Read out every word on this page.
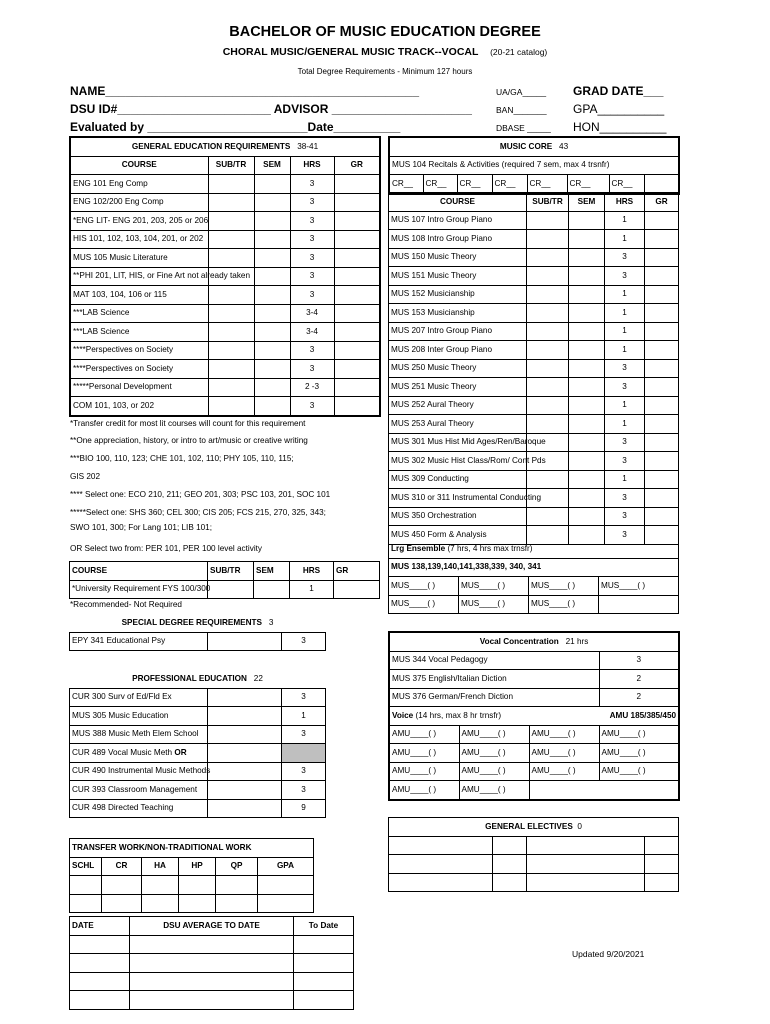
BACHELOR OF MUSIC EDUCATION DEGREE
CHORAL MUSIC/GENERAL MUSIC TRACK--VOCAL (20-21 catalog)
Total Degree Requirements - Minimum 127 hours
NAME_______________________________________________
DSU ID#_______________________ ADVISOR _____________________
Evaluated by ________________________Date__________
UA/GA_____
BAN_______
DBASE _____
GRAD DATE___
GPA__________
HON__________
GENERAL EDUCATION REQUIREMENTS 38-41				
COURSE	SUB/TR	SEM	HRS	GR
ENG 101 Eng Comp			3	
ENG 102/200 Eng Comp			3	
*ENG LIT- ENG 201, 203, 205 or 206			3	
HIS 101, 102, 103, 104, 201, or 202			3	
MUS 105 Music Literature			3	
**PHI 201, LIT, HIS, or Fine Art not already taken			3	
MAT 103, 104, 106 or 115			3	
***LAB Science			3-4	
***LAB Science			3-4	
****Perspectives on Society			3	
****Perspectives on Society			3	
*****Personal Development			2 -3	
COM 101, 103, or 202			3	
*Transfer credit for most lit courses will count for this requirement
**One appreciation, history, or intro to art/music or creative writing
***BIO 100, 110, 123; CHE 101, 102, 110; PHY 105, 110, 115;
GIS 202
**** Select one: ECO 210, 211; GEO 201, 303; PSC 103, 201, SOC 101
*****Select one: SHS 360; CEL 300; CIS 205; FCS 215, 270, 325, 343;
SWO 101, 300; For Lang 101; LIB 101;
OR Select two from: PER 101, PER 100 level activity
COURSE	SUB/TR	SEM	HRS	GR
*University Requirement FYS 100/300			1	
*Recommended- Not Required
SPECIAL DEGREE REQUIREMENTS 3
EPY 341 Educational Psy			3
PROFESSIONAL EDUCATION 22			
CUR 300 Surv of Ed/Fld Ex			3
MUS 305 Music Education			1
MUS 388 Music Meth Elem School			3
CUR 489 Vocal Music Meth OR			
CUR 490 Instrumental Music Methods			3
CUR 393 Classroom Management			3
CUR 498 Directed Teaching			9
TRANSFER WORK/NON-TRADITIONAL WORK					
SCHL	CR	HA	HP	QP	GPA

DATE	DSU AVERAGE TO DATE	To Date

MUSIC CORE 43
MUS 104 Recitals & Activities (required 7 sem, max 4 trsnfr)
CR__	CR__	CR__	CR__	CR__	CR__	CR__	
COURSE	SUB/TR	SEM	HRS	GR
MUS 107 Intro Group Piano			1	
MUS 108 Intro Group Piano			1	
MUS 150 Music Theory			3	
MUS 151 Music Theory			3	
MUS 152 Musicianship			1	
MUS 153 Musicianship			1	
MUS 207 Intro Group Piano			1	
MUS 208 Inter Group Piano			1	
MUS 250 Music Theory			3	
MUS 251 Music Theory			3	
MUS 252 Aural Theory			1	
MUS 253 Aural Theory			1	
MUS 301 Mus Hist Mid Ages/Ren/Baroque			3	
MUS 302 Music Hist Class/Rom/ Cont Pds			3	
MUS 309 Conducting			1	
MUS 310 or 311 Instrumental Conducting			3	
MUS 350 Orchestration			3	
MUS 450 Form & Analysis			3	
Lrg Ensemble (7 hrs, 4 hrs max trnsfr)			
MUS 138,139,140,141,338,339, 340, 341			
MUS____( )	MUS____( )	MUS____( )	MUS____( )
MUS____( )	MUS____( )	MUS____( )	
Vocal Concentration 21 hrs			
MUS 344 Vocal Pedagogy			3
MUS 375 English/Italian Diction			2
MUS 376 German/French Diction			2
Voice (14 hrs, max 8 hr trnsfr) AMU 185/385/450			

AMU____( )	AMU____( )	AMU____( )	AMU____( )
AMU____( )	AMU____( )	AMU____( )	AMU____( )
AMU____( )	AMU____( )	AMU____( )	AMU____( )
AMU____( )	AMU____( )		
GENERAL ELECTIVES 0			

Updated 9/20/2021
